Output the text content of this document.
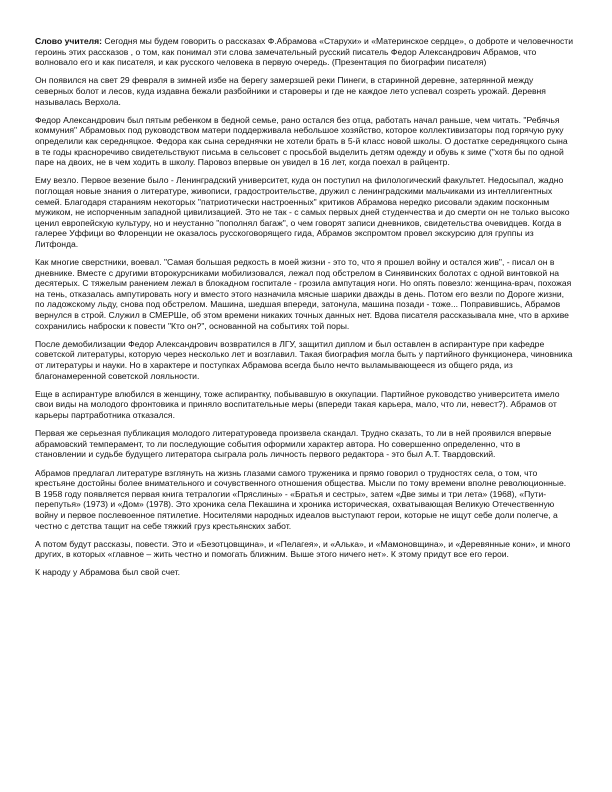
Слово учителя: Сегодня мы будем говорить о рассказах Ф.Абрамова «Старухи» и «Материнское сердце», о доброте и человечности героинь этих рассказов , о том, как понимал эти слова замечательный русский писатель Федор Александрович Абрамов, что волновало его и как писателя, и как русского человека в первую очередь. (Презентация по биографии писателя)

Он появился на свет 29 февраля в зимней избе на берегу замерзшей реки Пинеги, в старинной деревне, затерянной между северных болот и лесов, куда издавна бежали разбойники и староверы и где не каждое лето успевал созреть урожай. Деревня называлась Верхола.

Федор Александрович был пятым ребенком в бедной семье, рано остался без отца, работать начал раньше, чем читать. "Ребячья коммуния" Абрамовых под руководством матери поддерживала небольшое хозяйство, которое коллективизаторы под горячую руку определили как середняцкое. Федора как сына середнячки не хотели брать в 5-й класс новой школы. О достатке середняцкого сына в те годы красноречиво свидетельствуют письма в сельсовет с просьбой выделить детям одежду и обувь к зиме ("хотя бы по одной паре на двоих, не в чем ходить в школу. Паровоз впервые он увидел в 16 лет, когда поехал в райцентр.

Ему везло. Первое везение было - Ленинградский университет, куда он поступил на филологический факультет. Недосыпал, жадно поглощая новые знания о литературе, живописи, градостроительстве, дружил с ленинградскими мальчиками из интеллигентных семей. Благодаря стараниям некоторых "патриотически настроенных" критиков Абрамова нередко рисовали эдаким посконным мужиком, не испорченным западной цивилизацией. Это не так - с самых первых дней студенчества и до смерти он не только высоко ценил европейскую культуру, но и неустанно "пополнял багаж", о чем говорят записи дневников, свидетельства очевидцев. Когда в галерее Уффици во Флоренции не оказалось русскоговорящего гида, Абрамов экспромтом провел экскурсию для группы из Литфонда.

Как многие сверстники, воевал. "Самая большая редкость в моей жизни - это то, что я прошел войну и остался жив", - писал он в дневнике. Вместе с другими второкурсниками мобилизовался, лежал под обстрелом в Синявинских болотах с одной винтовкой на десятерых. С тяжелым ранением лежал в блокадном госпитале - грозила ампутация ноги. Но опять повезло: женщина-врач, похожая на тень, отказалась ампутировать ногу и вместо этого назначила мясные шарики дважды в день. Потом его везли по Дороге жизни, по ладожскому льду, снова под обстрелом. Машина, шедшая впереди, затонула, машина позади - тоже... Поправившись, Абрамов вернулся в строй. Служил в СМЕРШе, об этом времени никаких точных данных нет. Вдова писателя рассказывала мне, что в архиве сохранились наброски к повести "Кто он?", основанной на событиях той поры.

После демобилизации Федор Александрович возвратился в ЛГУ, защитил диплом и был оставлен в аспирантуре при кафедре советской литературы, которую через несколько лет и возглавил. Такая биография могла быть у партийного функционера, чиновника от литературы и науки. Но в характере и поступках Абрамова всегда было нечто выламывающееся из общего ряда, из благонамеренной советской лояльности.

Еще в аспирантуре влюбился в женщину, тоже аспирантку, побывавшую в оккупации. Партийное руководство университета имело свои виды на молодого фронтовика и приняло воспитательные меры (впереди такая карьера, мало, что ли, невест?). Абрамов от карьеры партработника отказался.

Первая же серьезная публикация молодого литературоведа произвела скандал. Трудно сказать, то ли в ней проявился впервые абрамовский темперамент, то ли последующие события оформили характер автора. Но совершенно определенно, что в становлении и судьбе будущего литератора сыграла роль личность первого редактора - это был А.Т. Твардовский.

Абрамов предлагал литературе взглянуть на жизнь глазами самого труженика и прямо говорил о трудностях села, о том, что крестьяне достойны более внимательного и сочувственного отношения общества. Мысли по тому времени вполне революционные. В 1958 году появляется первая книга тетралогии «Пряслины» - «Братья и сестры», затем «Две зимы и три лета» (1968), «Пути-перепутья» (1973) и «Дом» (1978). Это хроника села Пекашина и хроника историческая, охватывающая Великую Отечественную войну и первое послевоенное пятилетие. Носителями народных идеалов выступают герои, которые не ищут себе доли полегче, а честно с детства тащит на себе тяжкий груз крестьянских забот.

А потом будут рассказы, повести. Это и «Безотцовщина», и «Пелагея», и «Алька», и «Мамоновщина», и «Деревянные кони», и много других, в которых «главное – жить честно и помогать ближним. Выше этого ничего нет». К этому придут все его герои.

К народу у Абрамова был свой счет.
